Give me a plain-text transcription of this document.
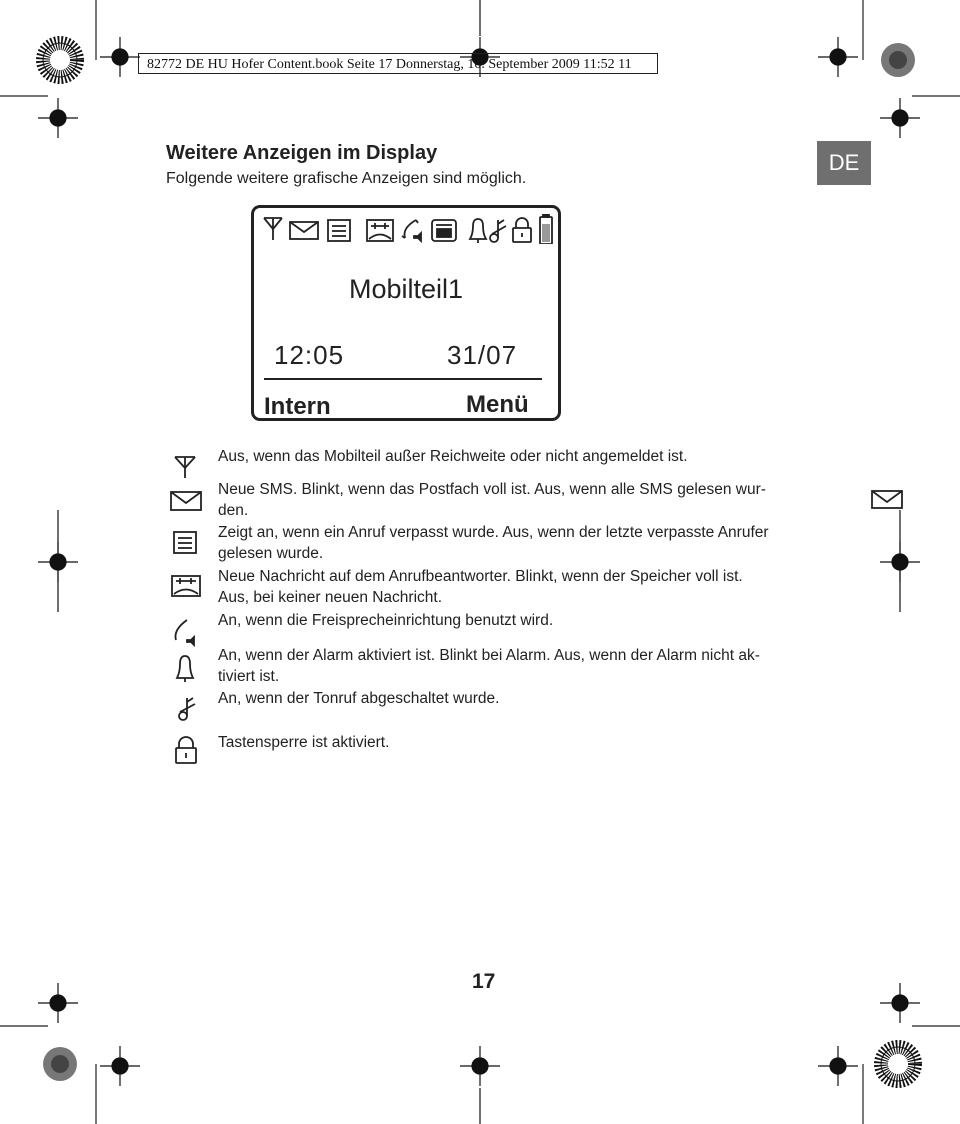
82772 DE HU Hofer Content.book Seite 17 Donnerstag, 10. September 2009 11:52 11
Weitere Anzeigen im Display
Folgende weitere grafische Anzeigen sind möglich.
DE
Mobilteil1
12:05	31/07
Intern	Menü
Aus, wenn das Mobilteil außer Reichweite oder nicht angemeldet ist.
Neue SMS. Blinkt, wenn das Postfach voll ist. Aus, wenn alle SMS gelesen wur-
den.
Zeigt an, wenn ein Anruf verpasst wurde. Aus, wenn der letzte verpasste Anrufer
gelesen wurde.
Neue Nachricht auf dem Anrufbeantworter. Blinkt, wenn der Speicher voll ist.
Aus, bei keiner neuen Nachricht.
An, wenn die Freisprecheinrichtung benutzt wird.
An, wenn der Alarm aktiviert ist. Blinkt bei Alarm. Aus, wenn der Alarm nicht ak-
tiviert ist.
An, wenn der Tonruf abgeschaltet wurde.
Tastensperre ist aktiviert.
17
